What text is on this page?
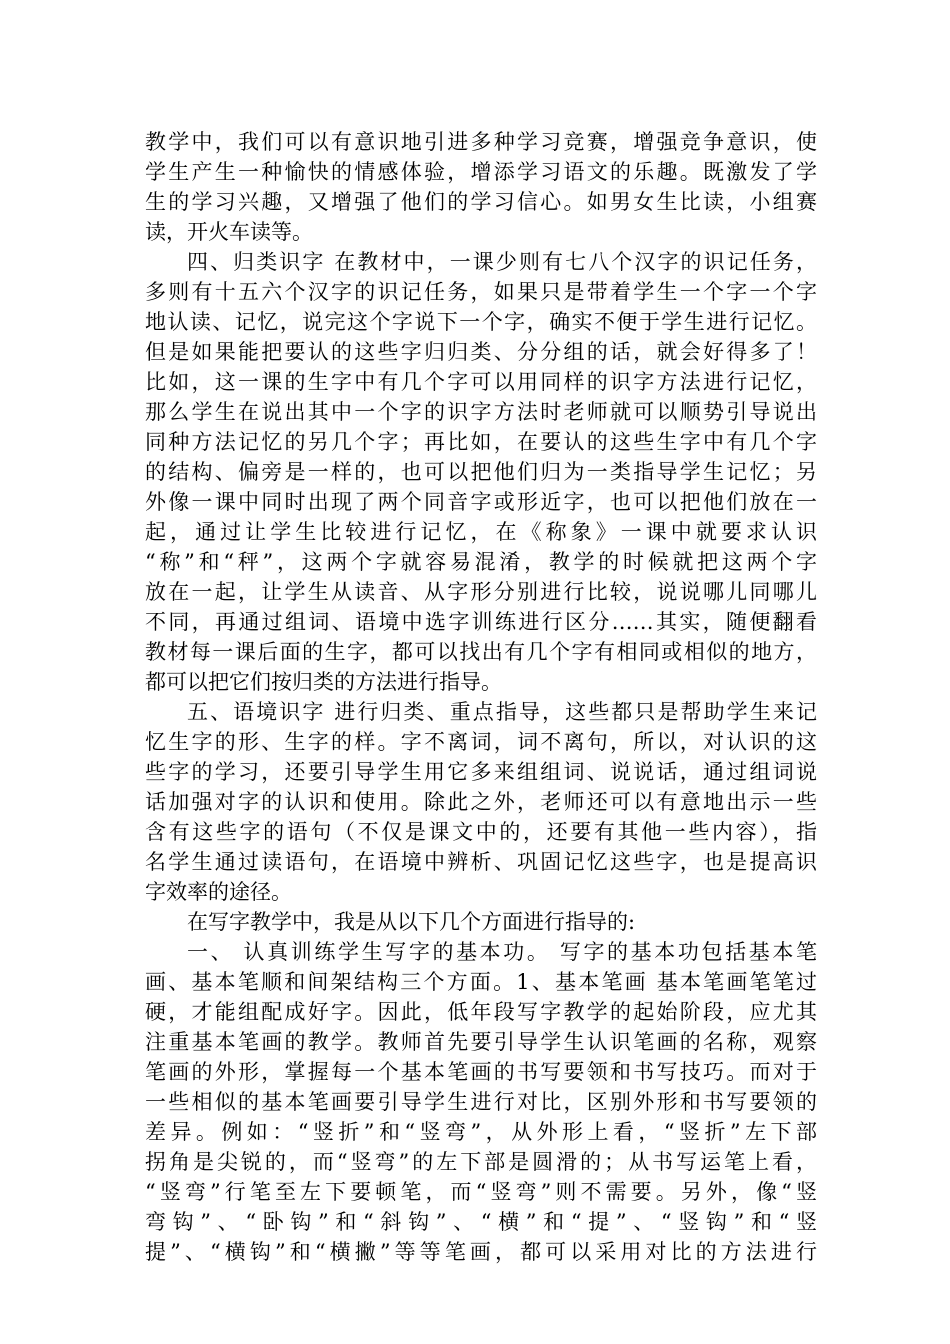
教学中，我们可以有意识地引进多种学习竞赛，增强竞争意识，使
学生产生一种愉快的情感体验，增添学习语文的乐趣。既激发了学
生的学习兴趣，又增强了他们的学习信心。如男女生比读，小组赛
读，开火车读等。
四、归类识字 在教材中，一课少则有七八个汉字的识记任务，
多则有十五六个汉字的识记任务，如果只是带着学生一个字一个字
地认读、记忆，说完这个字说下一个字，确实不便于学生进行记忆。
但是如果能把要认的这些字归归类、分分组的话，就会好得多了！
比如，这一课的生字中有几个字可以用同样的识字方法进行记忆，
那么学生在说出其中一个字的识字方法时老师就可以顺势引导说出
同种方法记忆的另几个字；再比如，在要认的这些生字中有几个字
的结构、偏旁是一样的，也可以把他们归为一类指导学生记忆；另
外像一课中同时出现了两个同音字或形近字，也可以把他们放在一
起，通过让学生比较进行记忆，在《称象》一课中就要求认识
“称”和“秤”，这两个字就容易混淆，教学的时候就把这两个字
放在一起，让学生从读音、从字形分别进行比较，说说哪儿同哪儿
不同，再通过组词、语境中选字训练进行区分……其实，随便翻看
教材每一课后面的生字，都可以找出有几个字有相同或相似的地方，
都可以把它们按归类的方法进行指导。
五、语境识字 进行归类、重点指导，这些都只是帮助学生来记
忆生字的形、生字的样。字不离词，词不离句，所以，对认识的这
些字的学习，还要引导学生用它多来组组词、说说话，通过组词说
话加强对字的认识和使用。除此之外，老师还可以有意地出示一些
含有这些字的语句（不仅是课文中的，还要有其他一些内容），指
名学生通过读语句，在语境中辨析、巩固记忆这些字，也是提高识
字效率的途径。
在写字教学中，我是从以下几个方面进行指导的:
一、 认真训练学生写字的基本功。 写字的基本功包括基本笔
画、基本笔顺和间架结构三个方面。1、基本笔画 基本笔画笔笔过
硬，才能组配成好字。因此，低年段写字教学的起始阶段，应尤其
注重基本笔画的教学。教师首先要引导学生认识笔画的名称，观察
笔画的外形，掌握每一个基本笔画的书写要领和书写技巧。而对于
一些相似的基本笔画要引导学生进行对比，区别外形和书写要领的
差异。例如：“竖折”和“竖弯”，从外形上看，“竖折”左下部
拐角是尖锐的，而“竖弯”的左下部是圆滑的；从书写运笔上看，
“竖弯”行笔至左下要顿笔，而“竖弯”则不需要。另外，像“竖
弯钩”、“卧钩”和“斜钩”、“横”和“提”、“竖钩”和“竖
提”、“横钩”和“横撇”等等笔画，都可以采用对比的方法进行
